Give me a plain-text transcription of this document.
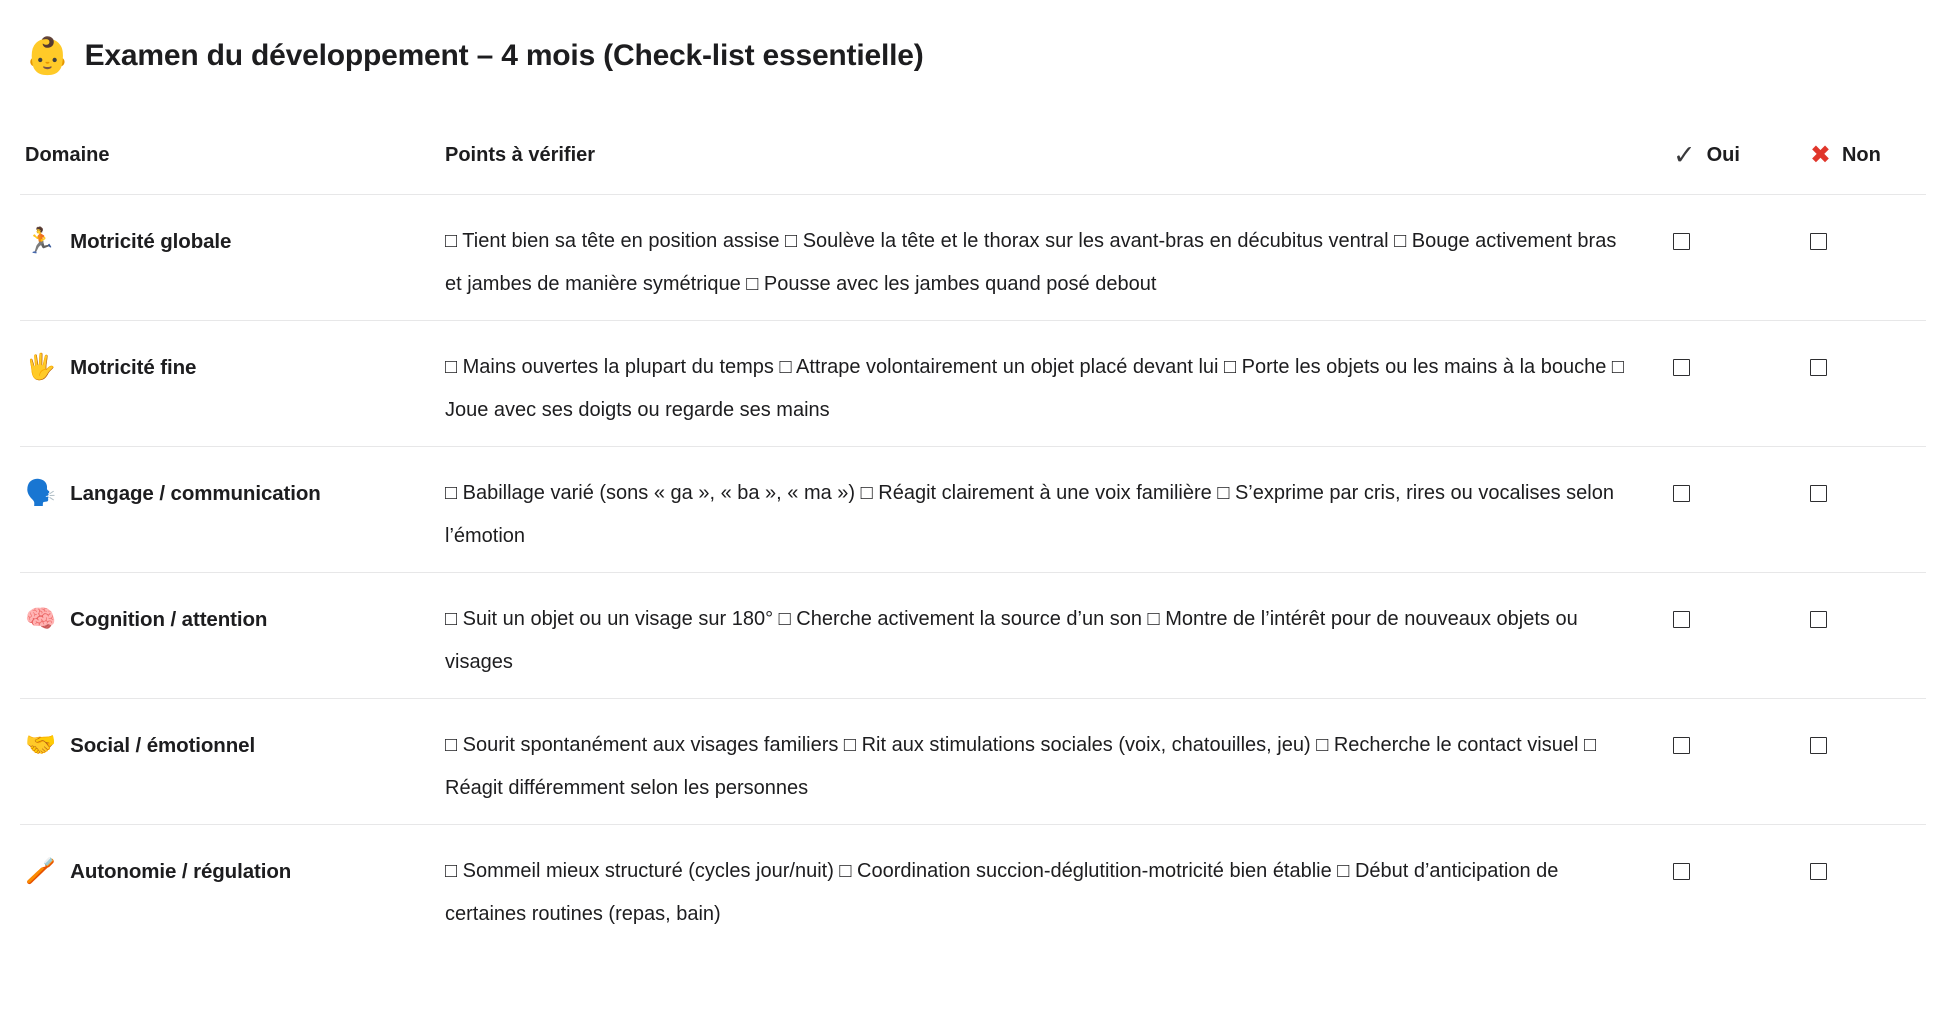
👶 Examen du développement – 4 mois (Check-list essentielle)
Domaine	Points à vérifier	✓ Oui	✖ Non
🏃 Motricité globale	□ Tient bien sa tête en position assise □ Soulève la tête et le thorax sur les avant-bras en décubitus ventral □ Bouge activement bras et jambes de manière symétrique □ Pousse avec les jambes quand posé debout
🖐️ Motricité fine	□ Mains ouvertes la plupart du temps □ Attrape volontairement un objet placé devant lui □ Porte les objets ou les mains à la bouche □ Joue avec ses doigts ou regarde ses mains
🗣️ Langage / communication	□ Babillage varié (sons « ga », « ba », « ma ») □ Réagit clairement à une voix familière □ S’exprime par cris, rires ou vocalises selon l’émotion
🧠 Cognition / attention	□ Suit un objet ou un visage sur 180° □ Cherche activement la source d’un son □ Montre de l’intérêt pour de nouveaux objets ou visages
🤝 Social / émotionnel	□ Sourit spontanément aux visages familiers □ Rit aux stimulations sociales (voix, chatouilles, jeu) □ Recherche le contact visuel □ Réagit différemment selon les personnes
🪥 Autonomie / régulation	□ Sommeil mieux structuré (cycles jour/nuit) □ Coordination succion-déglutition-motricité bien établie □ Début d’anticipation de certaines routines (repas, bain)
